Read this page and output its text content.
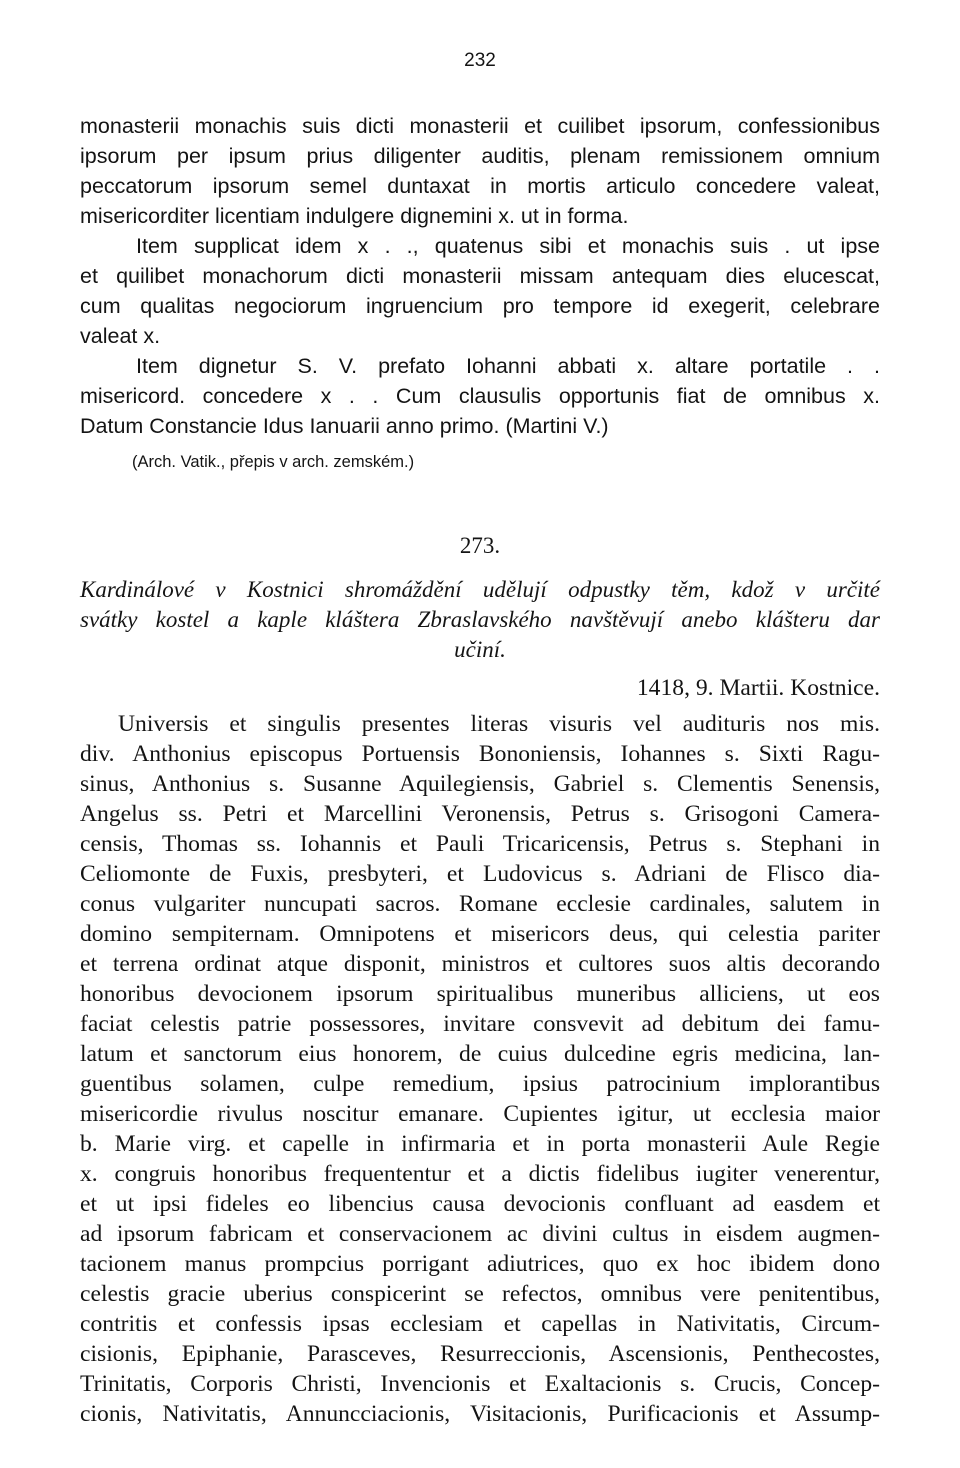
232
monasterii monachis suis dicti monasterii et cuilibet ipsorum, confessionibus
ipsorum per ipsum prius diligenter auditis, plenam remissionem omnium
peccatorum ipsorum semel duntaxat in mortis articulo concedere valeat,
misericorditer licentiam indulgere dignemini x. ut in forma.
Item supplicat idem x . ., quatenus sibi et monachis suis . ut ipse
et quilibet monachorum dicti monasterii missam antequam dies elucescat,
cum qualitas negociorum ingruencium pro tempore id exegerit, celebrare
valeat x.
Item dignetur S. V. prefato Iohanni abbati x. altare portatile . .
misericord. concedere x . . Cum clausulis opportunis fiat de omnibus x.
Datum Constancie Idus Ianuarii anno primo. (Martini V.)
(Arch. Vatik., přepis v arch. zemském.)
273.
Kardinálové v Kostnici shromáždění udělují odpustky těm, kdož v určité
svátky kostel a kaple kláštera Zbraslavského navštěvují anebo klášteru dar
učiní.
1418, 9. Martii. Kostnice.
Universis et singulis presentes literas visuris vel audituris nos mis.
div. Anthonius episcopus Portuensis Bononiensis, Iohannes s. Sixti Ragu-
sinus, Anthonius s. Susanne Aquilegiensis, Gabriel s. Clementis Senensis,
Angelus ss. Petri et Marcellini Veronensis, Petrus s. Grisogoni Camera-
censis, Thomas ss. Iohannis et Pauli Tricaricensis, Petrus s. Stephani in
Celiomonte de Fuxis, presbyteri, et Ludovicus s. Adriani de Flisco dia-
conus vulgariter nuncupati sacros. Romane ecclesie cardinales, salutem in
domino sempiternam. Omnipotens et misericors deus, qui celestia pariter
et terrena ordinat atque disponit, ministros et cultores suos altis decorando
honoribus devocionem ipsorum spiritualibus muneribus alliciens, ut eos
faciat celestis patrie possessores, invitare consvevit ad debitum dei famu-
latum et sanctorum eius honorem, de cuius dulcedine egris medicina, lan-
guentibus solamen, culpe remedium, ipsius patrocinium implorantibus
misericordie rivulus noscitur emanare. Cupientes igitur, ut ecclesia maior
b. Marie virg. et capelle in infirmaria et in porta monasterii Aule Regie
x. congruis honoribus frequententur et a dictis fidelibus iugiter venerentur,
et ut ipsi fideles eo libencius causa devocionis confluant ad easdem et
ad ipsorum fabricam et conservacionem ac divini cultus in eisdem augmen-
tacionem manus prompcius porrigant adiutrices, quo ex hoc ibidem dono
celestis gracie uberius conspicerint se refectos, omnibus vere penitentibus,
contritis et confessis ipsas ecclesiam et capellas in Nativitatis, Circum-
cisionis, Epiphanie, Parasceves, Resurreccionis, Ascensionis, Penthecostes,
Trinitatis, Corporis Christi, Invencionis et Exaltacionis s. Crucis, Concep-
cionis, Nativitatis, Annuncciacionis, Visitacionis, Purificacionis et Assump-
